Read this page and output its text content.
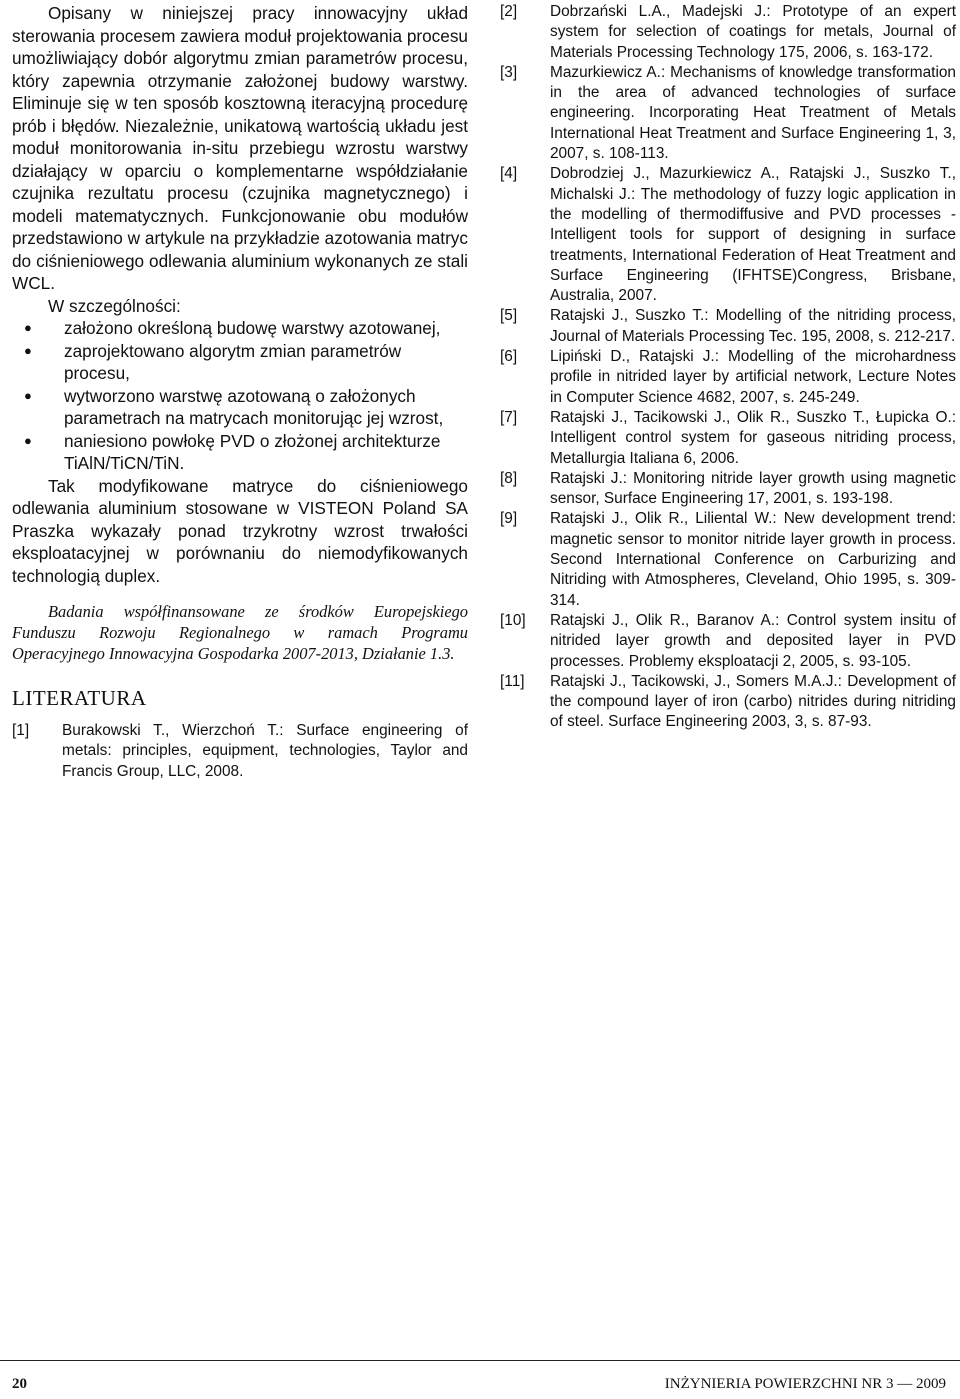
Opisany w niniejszej pracy innowacyjny układ sterowania procesem zawiera moduł projektowania procesu umożliwiający dobór algorytmu zmian parametrów procesu, który zapewnia otrzymanie założonej budowy warstwy. Eliminuje się w ten sposób kosztowną iteracyjną procedurę prób i błędów. Niezależnie, unikatową wartością układu jest moduł monitorowania in-situ przebiegu wzrostu warstwy działający w oparciu o komplementarne współdziałanie czujnika rezultatu procesu (czujnika magnetycznego) i modeli matematycznych. Funkcjonowanie obu modułów przedstawiono w artykule na przykładzie azotowania matryc do ciśnieniowego odlewania aluminium wykonanych ze stali WCL.

W szczególności:

● założono określoną budowę warstwy azotowanej,
● zaprojektowano algorytm zmian parametrów procesu,
● wytworzono warstwę azotowaną o założonych parametrach na matrycach monitorując jej wzrost,
● naniesiono powłokę PVD o złożonej architekturze TiAlN/TiCN/TiN.

Tak modyfikowane matryce do ciśnieniowego odlewania aluminium stosowane w VISTEON Poland SA Praszka wykazały ponad trzykrotny wzrost trwałości eksploatacyjnej w porównaniu do niemodyfikowanych technologią duplex.

Badania współfinansowane ze środków Europejskiego Funduszu Rozwoju Regionalnego w ramach Programu Operacyjnego Innowacyjna Gospodarka 2007-2013, Działanie 1.3.

LITERATURA
[1]	Burakowski T., Wierzchoń T.: Surface engineering of metals: principles, equipment, technologies, Taylor and Francis Group, LLC, 2008.
[2]	Dobrzański L.A., Madejski J.: Prototype of an expert system for selection of coatings for metals, Journal of Materials Processing Technology 175, 2006, s. 163-172.
[3]	Mazurkiewicz A.: Mechanisms of knowledge transformation in the area of advanced technologies of surface engineering. Incorporating Heat Treatment of Metals International Heat Treatment and Surface Engineering 1, 3, 2007, s. 108-113.
[4]	Dobrodziej J., Mazurkiewicz A., Ratajski J., Suszko T., Michalski J.: The methodology of fuzzy logic application in the modelling of thermodiffusive and PVD processes - Intelligent tools for support of designing in surface treatments, International Federation of Heat Treatment and Surface Engineering (IFHTSE)Congress, Brisbane, Australia, 2007.
[5]	Ratajski J., Suszko T.: Modelling of the nitriding process, Journal of Materials Processing Tec. 195, 2008, s. 212-217.
[6]	Lipiński D., Ratajski J.: Modelling of the microhardness profile in nitrided layer by artificial network, Lecture Notes in Computer Science 4682, 2007, s. 245-249.
[7]	Ratajski J., Tacikowski J., Olik R., Suszko T., Łupicka O.: Intelligent control system for gaseous nitriding process, Metallurgia Italiana 6, 2006.
[8]	Ratajski J.: Monitoring nitride layer growth using magnetic sensor, Surface Engineering 17, 2001, s. 193-198.
[9]	Ratajski J., Olik R., Liliental W.: New development trend: magnetic sensor to monitor nitride layer growth in process. Second International Conference on Carburizing and Nitriding with Atmospheres, Cleveland, Ohio 1995, s. 309-314.
[10]	Ratajski J., Olik R., Baranov A.: Control system insitu of nitrided layer growth and deposited layer in PVD processes. Problemy eksploatacji 2, 2005, s. 93-105.
[11]	Ratajski J., Tacikowski, J., Somers M.A.J.: Development of the compound layer of iron (carbo) nitrides during nitriding of steel. Surface Engineering 2003, 3, s. 87-93.
20	INŻYNIERIA POWIERZCHNI NR 3 — 2009
